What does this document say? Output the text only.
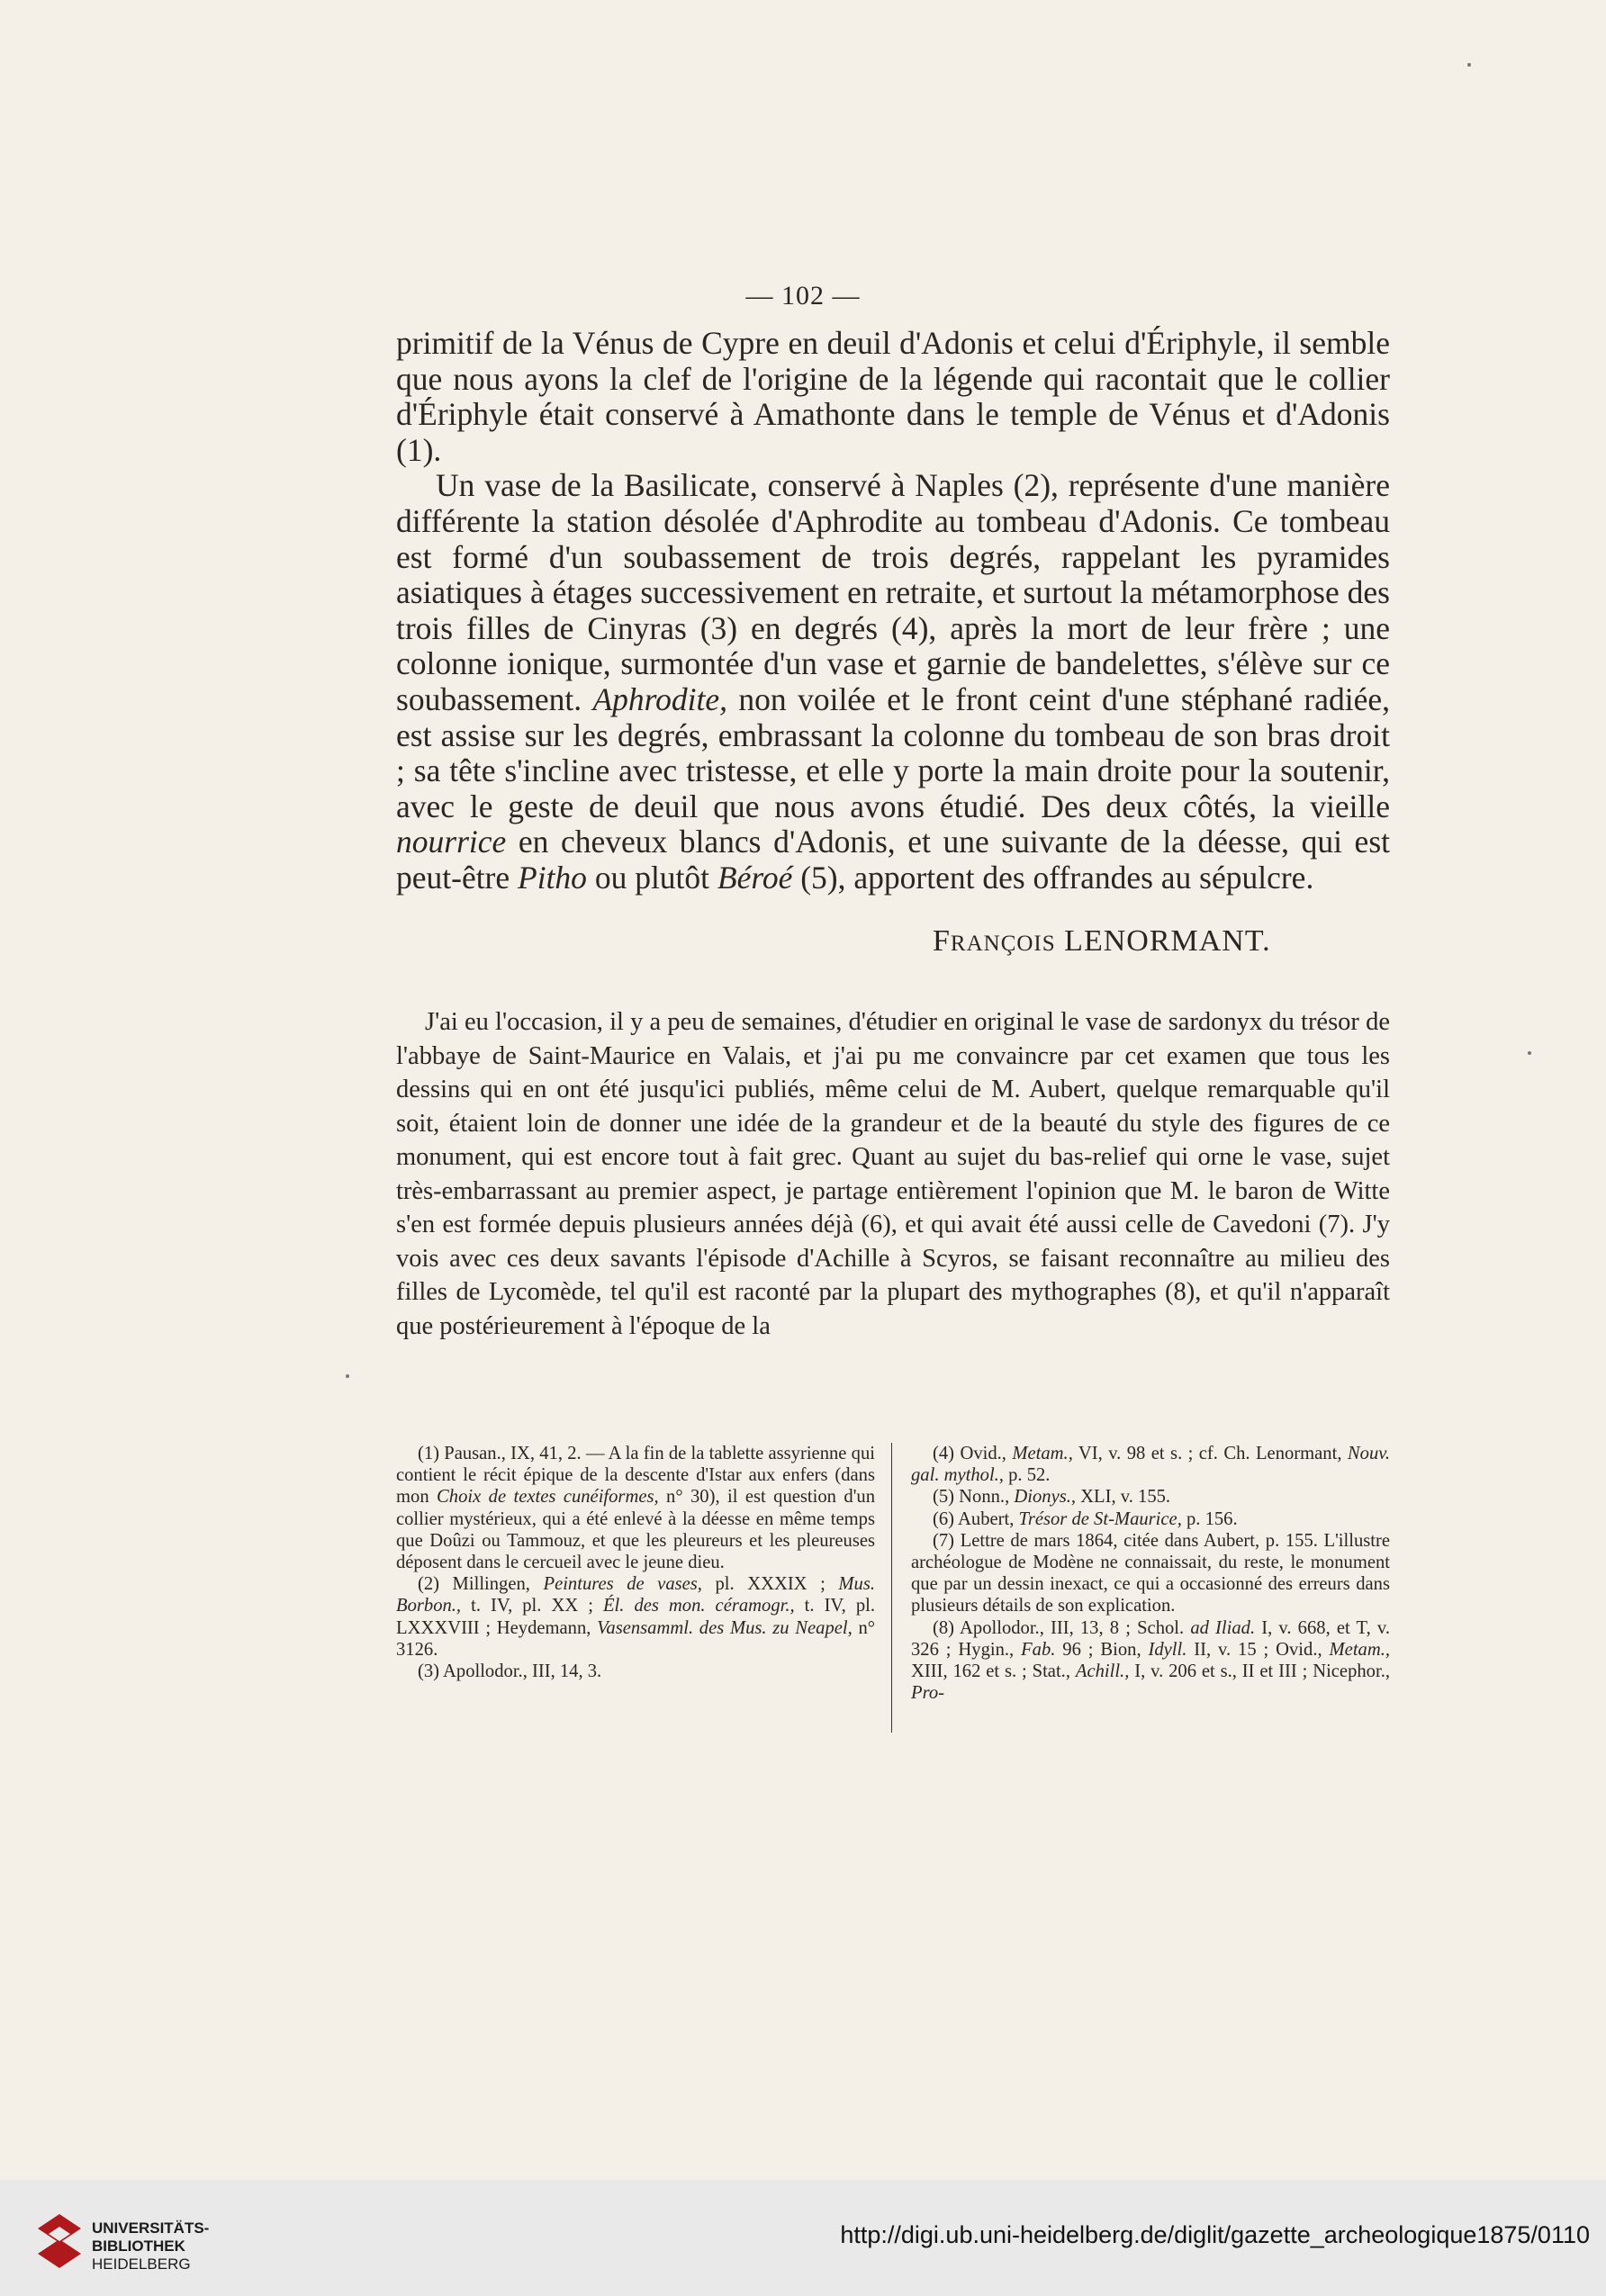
— 102 —

primitif de la Vénus de Cypre en deuil d'Adonis et celui d'Ériphyle, il semble que nous ayons la clef de l'origine de la légende qui racontait que le collier d'Ériphyle était conservé à Amathonte dans le temple de Vénus et d'Adonis (1).

Un vase de la Basilicate, conservé à Naples (2), représente d'une manière différente la station désolée d'Aphrodite au tombeau d'Adonis. Ce tombeau est formé d'un soubassement de trois degrés, rappelant les pyramides asiatiques à étages successivement en retraite, et surtout la métamorphose des trois filles de Cinyras (3) en degrés (4), après la mort de leur frère ; une colonne ionique, surmontée d'un vase et garnie de bandelettes, s'élève sur ce soubassement. Aphrodite, non voilée et le front ceint d'une stéphané radiée, est assise sur les degrés, embrassant la colonne du tombeau de son bras droit ; sa tête s'incline avec tristesse, et elle y porte la main droite pour la soutenir, avec le geste de deuil que nous avons étudié. Des deux côtés, la vieille nourrice en cheveux blancs d'Adonis, et une suivante de la déesse, qui est peut-être Pitho ou plutôt Béroé (5), apportent des offrandes au sépulcre.

FRANÇOIS LENORMANT.

J'ai eu l'occasion, il y a peu de semaines, d'étudier en original le vase de sardonyx du trésor de l'abbaye de Saint-Maurice en Valais, et j'ai pu me convaincre par cet examen que tous les dessins qui en ont été jusqu'ici publiés, même celui de M. Aubert, quelque remarquable qu'il soit, étaient loin de donner une idée de la grandeur et de la beauté du style des figures de ce monument, qui est encore tout à fait grec. Quant au sujet du bas-relief qui orne le vase, sujet très-embarrassant au premier aspect, je partage entièrement l'opinion que M. le baron de Witte s'en est formée depuis plusieurs années déjà (6), et qui avait été aussi celle de Cavedoni (7). J'y vois avec ces deux savants l'épisode d'Achille à Scyros, se faisant reconnaître au milieu des filles de Lycomède, tel qu'il est raconté par la plupart des mythographes (8), et qu'il n'apparaît que postérieurement à l'époque de la

(1) Pausan., IX, 41, 2. — A la fin de la tablette assyrienne qui contient le récit épique de la descente d'Istar aux enfers (dans mon Choix de textes cunéiformes, n° 30), il est question d'un collier mystérieux, qui a été enlevé à la déesse en même temps que Doûzi ou Tammouz, et que les pleureurs et les pleureuses déposent dans le cercueil avec le jeune dieu.

(2) Millingen, Peintures de vases, pl. XXXIX ; Mus. Borbon., t. IV, pl. XX ; Él. des mon. céramogr., t. IV, pl. LXXXVIII ; Heydemann, Vasensamml. des Mus. zu Neapel, n° 3126.

(3) Apollodor., III, 14, 3.

(4) Ovid., Metam., VI, v. 98 et s. ; cf. Ch. Lenormant, Nouv. gal. mythol., p. 52.

(5) Nonn., Dionys., XLI, v. 155.

(6) Aubert, Trésor de St-Maurice, p. 156.

(7) Lettre de mars 1864, citée dans Aubert, p. 155. L'illustre archéologue de Modène ne connaissait, du reste, le monument que par un dessin inexact, ce qui a occasionné des erreurs dans plusieurs détails de son explication.

(8) Apollodor., III, 13, 8 ; Schol. ad Iliad. I, v. 668, et T, v. 326 ; Hygin., Fab. 96 ; Bion, Idyll. II, v. 15 ; Ovid., Metam., XIII, 162 et s. ; Stat., Achill., I, v. 206 et s., II et III ; Nicephor., Pro-

UNIVERSITÄTS-
BIBLIOTHEK
HEIDELBERG
http://digi.ub.uni-heidelberg.de/diglit/gazette_archeologique1875/0110
